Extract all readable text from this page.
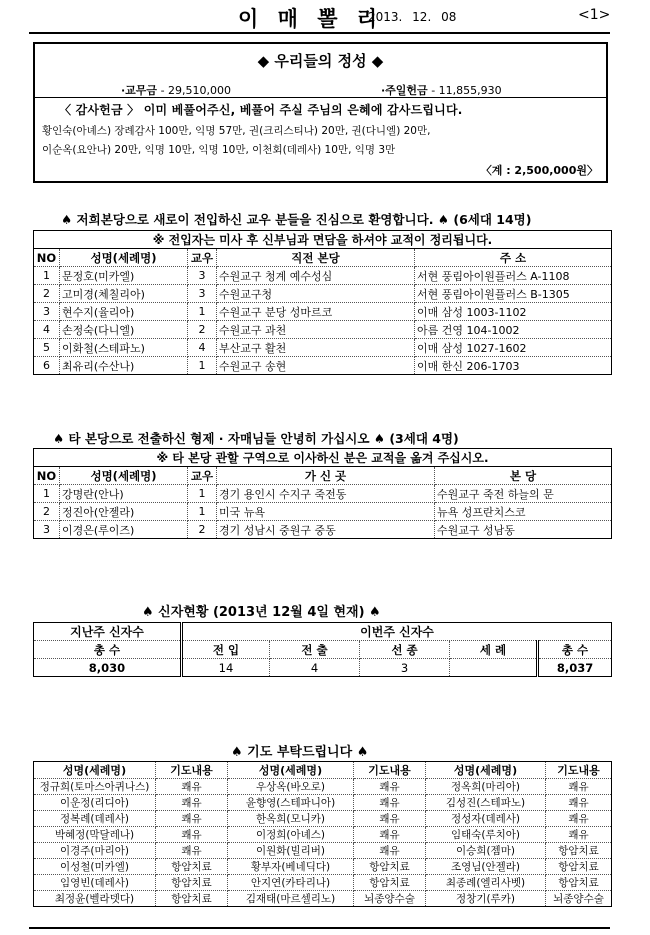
이 매 뽈 리
2013. 12. 08	<1>
◆ 우리들의 정성 ◆
·교무금 - 29,510,000	·주일헌금 - 11,855,930
〈 감사헌금 〉 이미 베풀어주신, 베풀어 주실 주님의 은혜에 감사드립니다.
황인숙(아녜스) 장례감사 100만, 익명 57만, 권(크리스티나) 20만, 권(다니엘) 20만,
이순옥(요안나) 20만, 익명 10만, 익명 10만, 이천회(데레사) 10만, 익명 3만
〈계 : 2,500,000원〉
♠ 저희본당으로 새로이 전입하신 교우 분들을 진심으로 환영합니다. ♠ (6세대 14명)
※ 전입자는 미사 후 신부님과 면담을 하셔야 교적이 정리됩니다.				
NO	성명(세례명)	교우	직전 본당	주 소
1	문정호(미카엘)	3	수원교구 청계 예수성심	서현 풍림아이원플러스 A-1108
2	고미경(체칠리아)	3	수원교구청	서현 풍림아이원플러스 B-1305
3	현수지(율리아)	1	수원교구 분당 성마르코	이매 삼성 1003-1102
4	손정숙(다니엘)	2	수원교구 과천	아름 건영 104-1002
5	이화철(스테파노)	4	부산교구 활천	이매 삼성 1027-1602
6	최유리(수산나)	1	수원교구 송현	이매 한신 206-1703
♠ 타 본당으로 전출하신 형제 · 자매님들 안녕히 가십시오 ♠ (3세대 4명)
※ 타 본당 관할 구역으로 이사하신 분은 교적을 옮겨 주십시오.				
NO	성명(세례명)	교우	가 신 곳	본 당
1	강명란(안나)	1	경기 용인시 수지구 죽전동	수원교구 죽전 하늘의 문
2	정진아(안젤라)	1	미국 뉴욕	뉴욕 성프란치스코
3	이경은(루이즈)	2	경기 성남시 중원구 중동	수원교구 성남동
♠ 신자현황 (2013년 12월 4일 현재) ♠
지난주 신자수	이번주 신자수				
총 수	전 입	전 출	선 종	세 례	총 수
8,030	14	4	3		8,037
♠ 기도 부탁드립니다 ♠
성명(세례명)	기도내용	성명(세례명)	기도내용	성명(세례명)	기도내용
정규희(토마스아퀴나스)	쾌유	우상옥(바오로)	쾌유	정옥희(마리아)	쾌유
이운정(리디아)	쾌유	윤향영(스테파니아)	쾌유	김성진(스테파노)	쾌유
정복례(데레사)	쾌유	한옥희(모니카)	쾌유	정성자(데레사)	쾌유
박혜정(막달레나)	쾌유	이정희(아녜스)	쾌유	임태숙(루치아)	쾌유
이경주(마리아)	쾌유	이원화(빌리버)	쾌유	이승희(젬마)	항암치료
이성철(미카엘)	항암치료	황부자(베네딕다)	항암치료	조영님(안젤라)	항암치료
임영빈(데레사)	항암치료	안지연(카타리나)	항암치료	최종례(엘리사벳)	항암치료
최정윤(벨라뎃다)	항암치료	김재태(마르셀리노)	뇌종양수술	정창기(루카)	뇌종양수술
